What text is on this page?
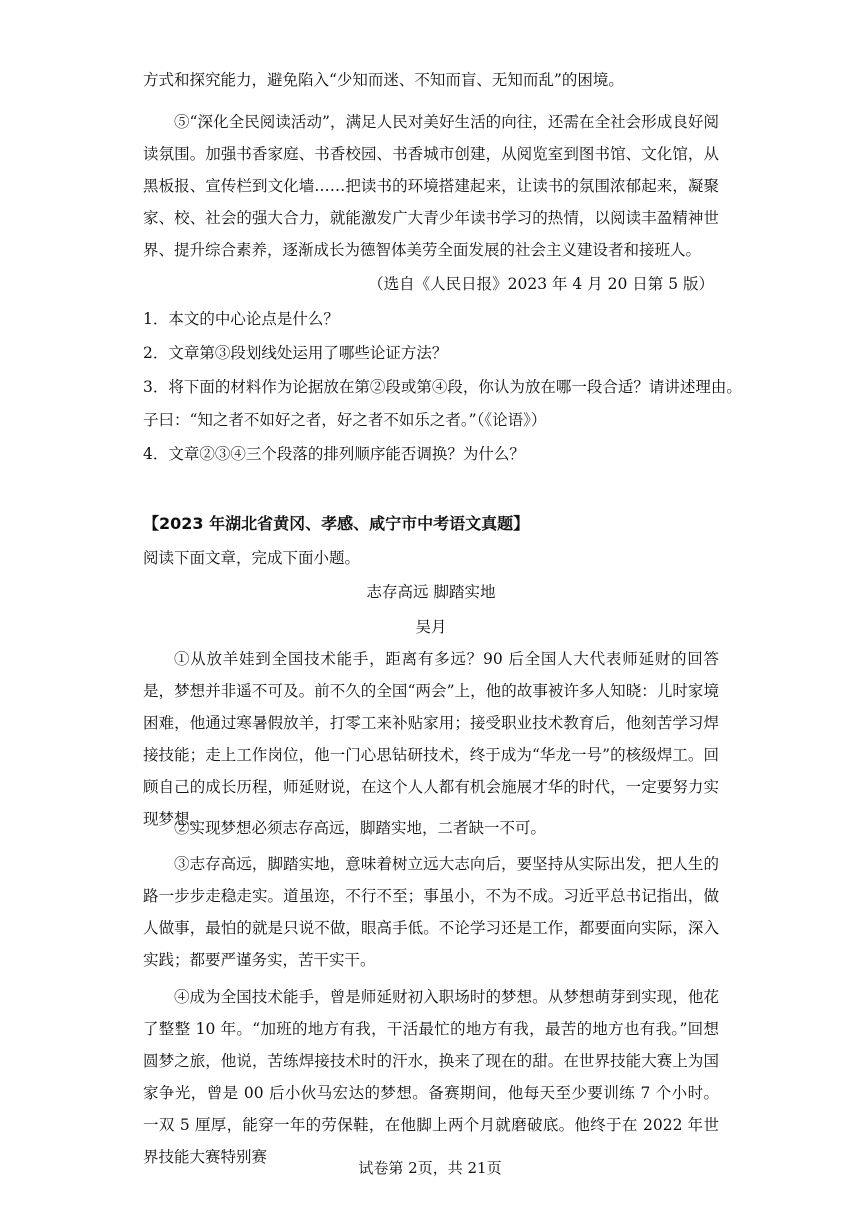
方式和探究能力，避免陷入“少知而迷、不知而盲、无知而乱”的困境。

⑤“深化全民阅读活动”，满足人民对美好生活的向往，还需在全社会形成良好阅读氛围。加强书香家庭、书香校园、书香城市创建，从阅览室到图书馆、文化馆，从黑板报、宣传栏到文化墙……把读书的环境搭建起来，让读书的氛围浓郁起来，凝聚家、校、社会的强大合力，就能激发广大青少年读书学习的热情，以阅读丰盈精神世界、提升综合素养，逐渐成长为德智体美劳全面发展的社会主义建设者和接班人。

（选自《人民日报》2023 年 4 月 20 日第 5 版）

1．本文的中心论点是什么？

2．文章第③段划线处运用了哪些论证方法？

3．将下面的材料作为论据放在第②段或第④段，你认为放在哪一段合适？请讲述理由。

子曰：“知之者不如好之者，好之者不如乐之者。”（《论语》）

4．文章②③④三个段落的排列顺序能否调换？为什么？

【2023 年湖北省黄冈、孝感、咸宁市中考语文真题】

阅读下面文章，完成下面小题。

志存高远 脚踏实地

吴月

①从放羊娃到全国技术能手，距离有多远？90 后全国人大代表师延财的回答是，梦想并非遥不可及。前不久的全国“两会”上，他的故事被许多人知晓：儿时家境困难，他通过寒暑假放羊，打零工来补贴家用；接受职业技术教育后，他刻苦学习焊接技能；走上工作岗位，他一门心思钻研技术，终于成为“华龙一号”的核级焊工。回顾自己的成长历程，师延财说，在这个人人都有机会施展才华的时代，一定要努力实现梦想。

②实现梦想必须志存高远，脚踏实地，二者缺一不可。

③志存高远，脚踏实地，意味着树立远大志向后，要坚持从实际出发，把人生的路一步步走稳走实。道虽迩，不行不至；事虽小，不为不成。习近平总书记指出，做人做事，最怕的就是只说不做，眼高手低。不论学习还是工作，都要面向实际，深入实践；都要严谨务实，苦干实干。

④成为全国技术能手，曾是师延财初入职场时的梦想。从梦想萌芽到实现，他花了整整 10 年。“加班的地方有我，干活最忙的地方有我，最苦的地方也有我。”回想圆梦之旅，他说，苦练焊接技术时的汗水，换来了现在的甜。在世界技能大赛上为国家争光，曾是 00 后小伙马宏达的梦想。备赛期间，他每天至少要训练 7 个小时。一双 5 厘厚，能穿一年的劳保鞋，在他脚上两个月就磨破底。他终于在 2022 年世界技能大赛特别赛

试卷第 2页，共 21页
